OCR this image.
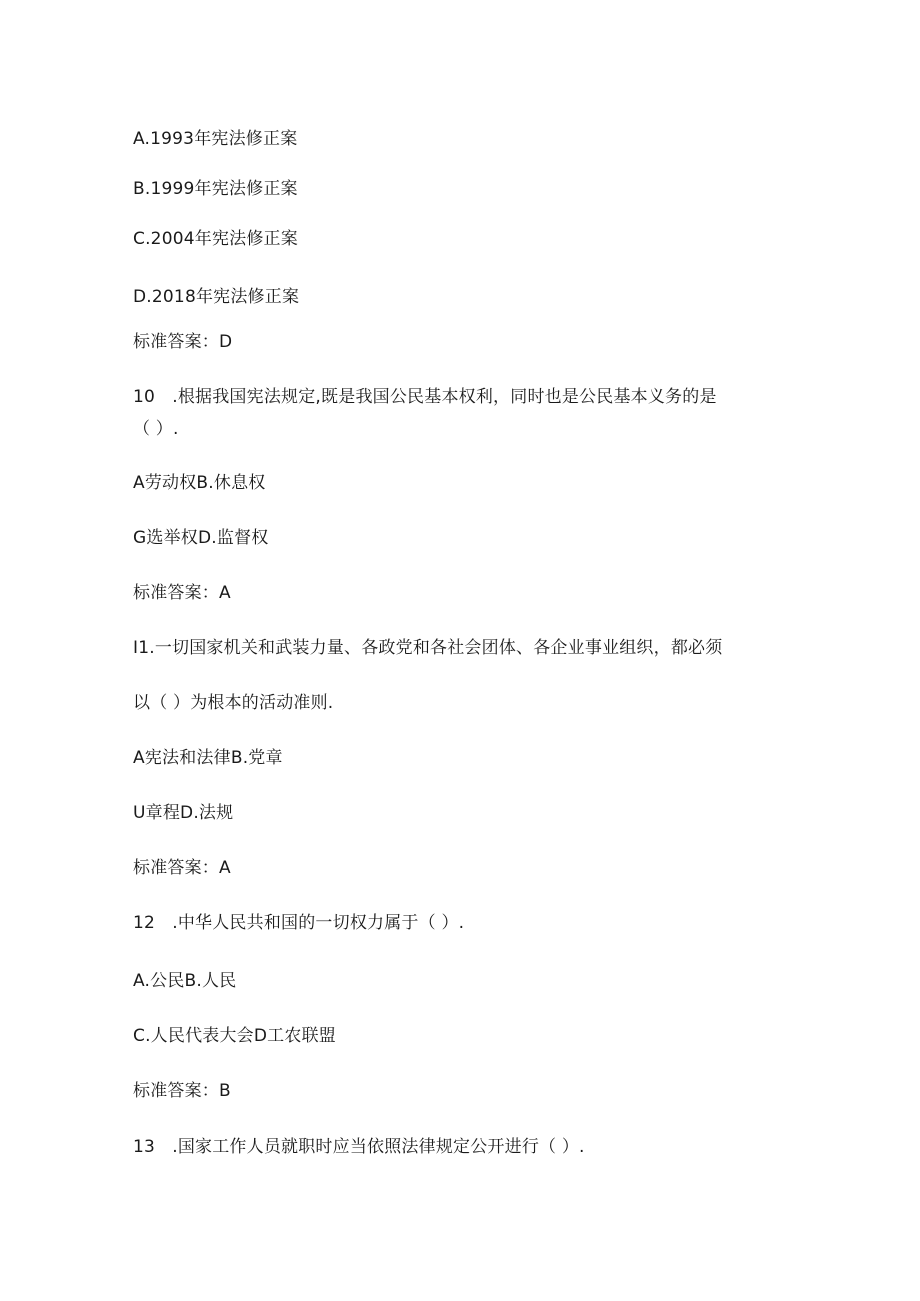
A.1993年宪法修正案
B.1999年宪法修正案
C.2004年宪法修正案
D.2018年宪法修正案
标准答案：D
10　.根据我国宪法规定,既是我国公民基本权利，同时也是公民基本义务的是
（ ）.
A劳动权B.休息权
G选举权D.监督权
标准答案：A
I1.一切国家机关和武装力量、各政党和各社会团体、各企业事业组织，都必须
以（ ）为根本的活动准则.
A宪法和法律B.党章
U章程D.法规
标准答案：A
12　.中华人民共和国的一切权力属于（ ）.
A.公民B.人民
C.人民代表大会D工农联盟
标准答案：B
13　.国家工作人员就职时应当依照法律规定公开进行（ ）.
